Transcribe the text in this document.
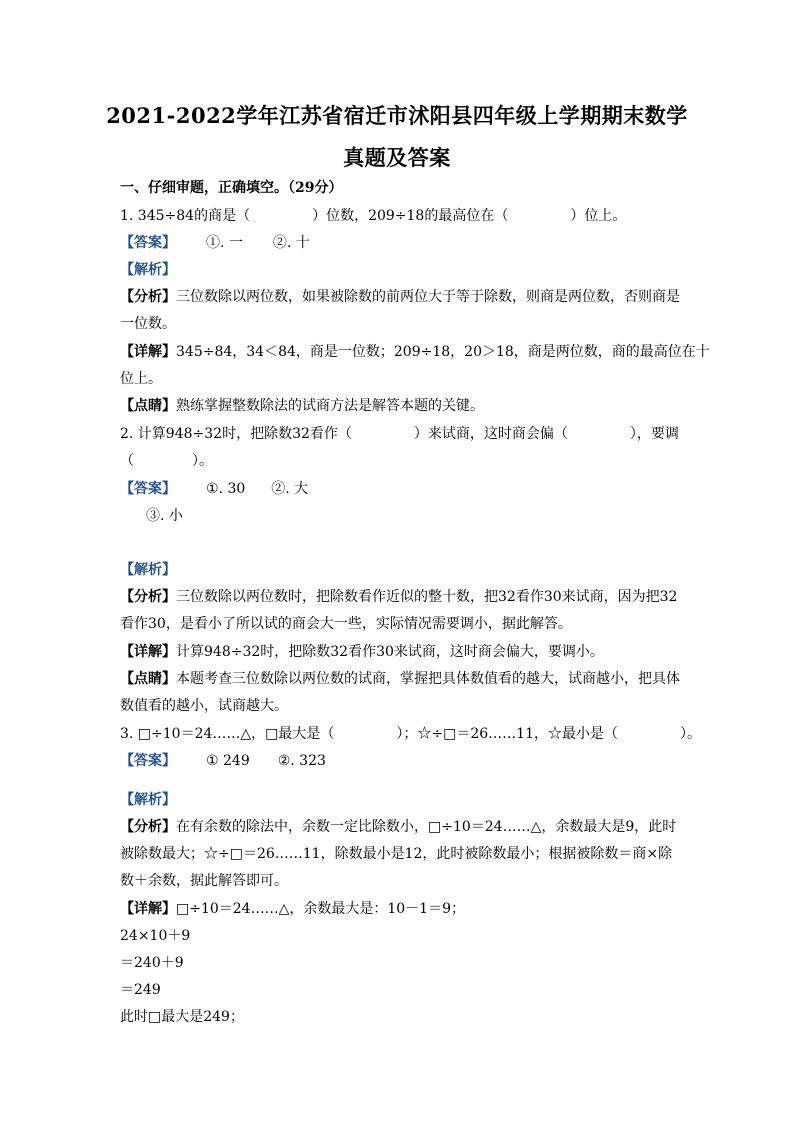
2021-2022学年江苏省宿迁市沭阳县四年级上学期期末数学
真题及答案
一、仔细审题，正确填空。（29分）
1. 345÷84的商是（	）位数，209÷18的最高位在（	）位上。
【答案】 ①. 一 ②. 十
【解析】
【分析】三位数除以两位数，如果被除数的前两位大于等于除数，则商是两位数，否则商是
一位数。
【详解】345÷84，34＜84，商是一位数；209÷18，20＞18，商是两位数，商的最高位在十
位上。
【点睛】熟练掌握整数除法的试商方法是解答本题的关键。
2. 计算948÷32时，把除数32看作（	）来试商，这时商会偏（	），要调
（	）。
【答案】 ①. 30 ②. 大
③. 小
【解析】
【分析】三位数除以两位数时，把除数看作近似的整十数，把32看作30来试商，因为把32
看作30，是看小了所以试的商会大一些，实际情况需要调小，据此解答。
【详解】计算948÷32时，把除数32看作30来试商，这时商会偏大，要调小。
【点睛】本题考查三位数除以两位数的试商，掌握把具体数值看的越大，试商越小，把具体
数值看的越小，试商越大。
3. □÷10＝24……△，□最大是（	）；☆÷□＝26……11，☆最小是（	）。
【答案】 ① 249 ②. 323
【解析】
【分析】在有余数的除法中，余数一定比除数小，□÷10＝24……△，余数最大是9，此时
被除数最大；☆÷□＝26……11，除数最小是12，此时被除数最小；根据被除数＝商×除
数＋余数，据此解答即可。
【详解】□÷10＝24……△，余数最大是：10－1＝9；
24×10＋9
＝240＋9
＝249
此时□最大是249；
